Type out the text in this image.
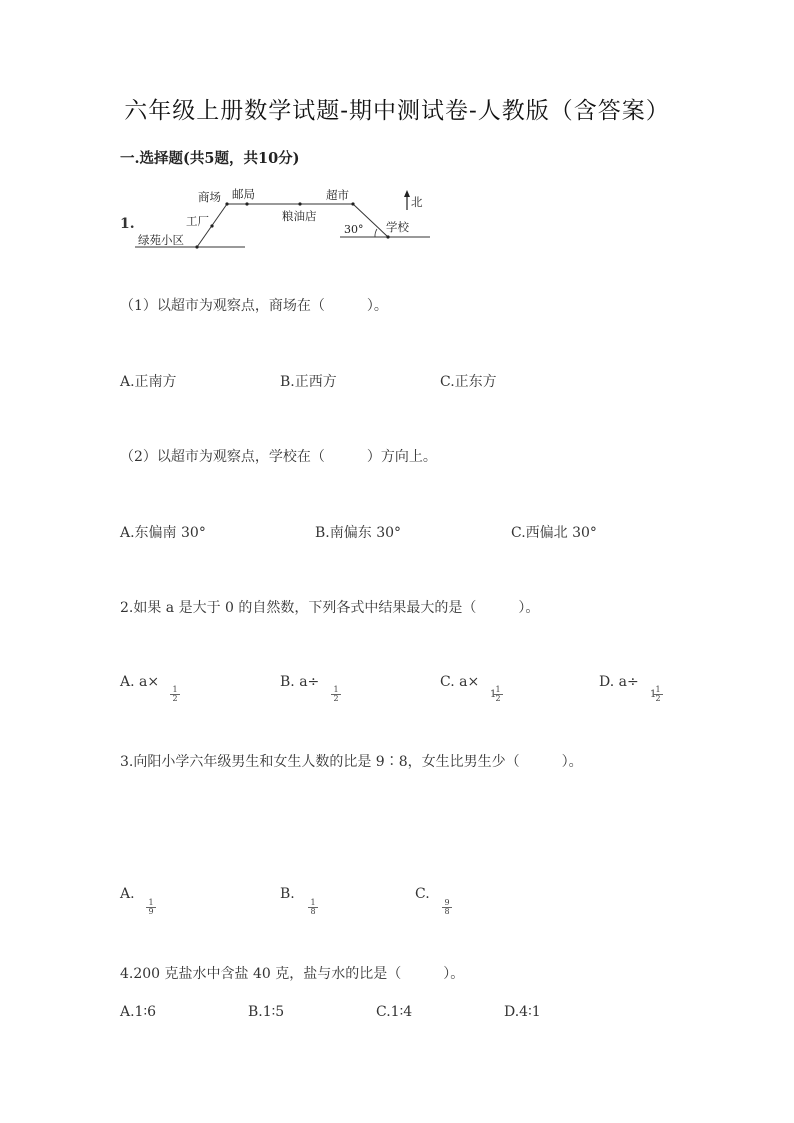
六年级上册数学试题-期中测试卷-人教版（含答案）
一.选择题(共5题，共10分)
1.
绿苑小区
工厂
商场 邮局
粮油店
超市
学校
30°
北
（1）以超市为观察点，商场在（　　　）。
A.正南方	B.正西方	C.正东方
（2）以超市为观察点，学校在（　　　）方向上。
A.东偏南 30°	B.南偏东 30°	C.西偏北 30°
2.如果 a 是大于 0 的自然数，下列各式中结果最大的是（　　　）。
A. a×
$\frac{1}{2}$
B. a÷
$\frac{1}{2}$
C. a×
1
$\frac{1}{2}$
D. a÷
1
$\frac{1}{2}$
3.向阳小学六年级男生和女生人数的比是 9∶8，女生比男生少（　　　）。
A.
$\frac{1}{9}$
B.
$\frac{1}{8}$
C.
$\frac{9}{8}$
4.200 克盐水中含盐 40 克，盐与水的比是（　　　）。
A.1∶6	B.1∶5	C.1∶4	D.4∶1
